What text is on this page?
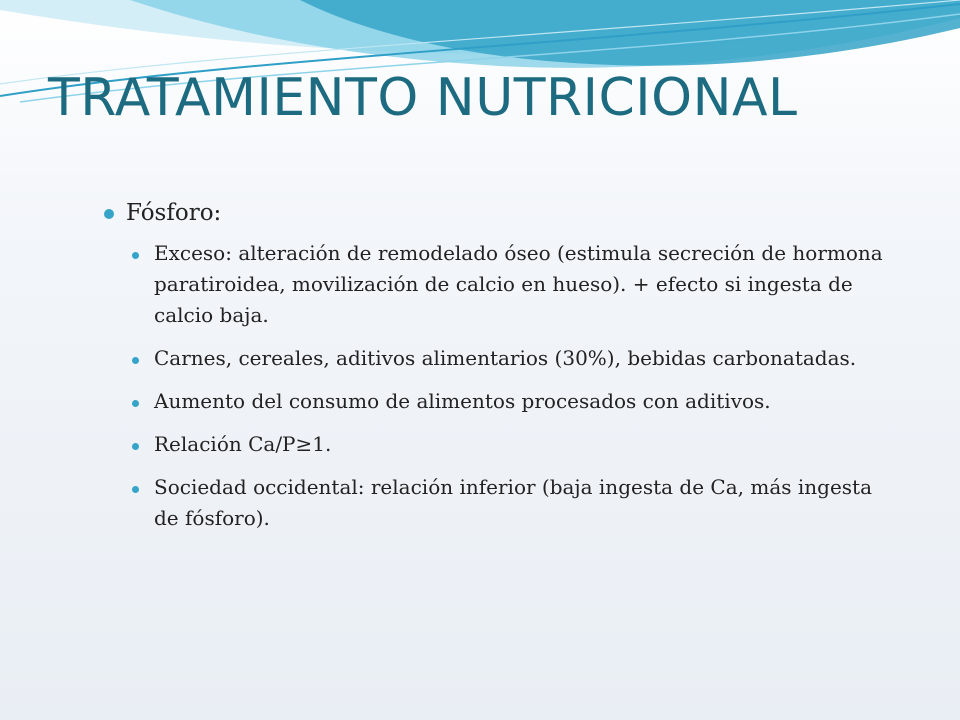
TRATAMIENTO NUTRICIONAL
Fósforo:
Exceso: alteración de remodelado óseo (estimula secreción de hormona paratiroidea, movilización de calcio en hueso). + efecto si ingesta de calcio baja.
Carnes, cereales, aditivos alimentarios (30%), bebidas carbonatadas.
Aumento del consumo de alimentos procesados con aditivos.
Relación Ca/P≥1.
Sociedad occidental: relación inferior (baja ingesta de Ca, más ingesta de fósforo).
